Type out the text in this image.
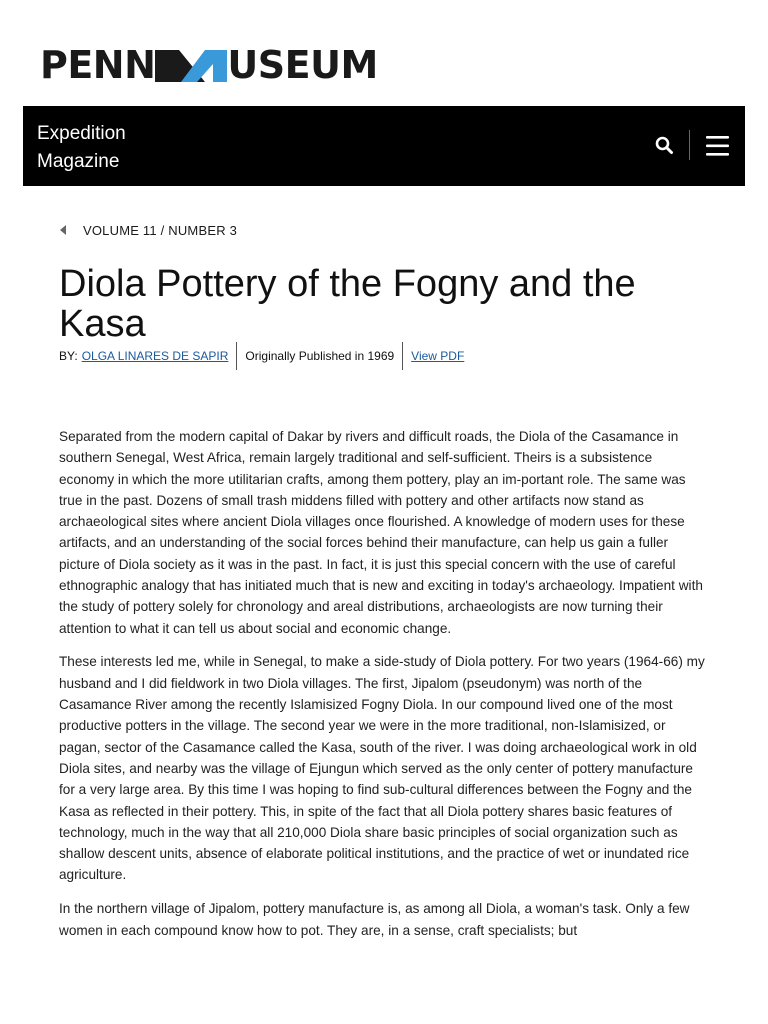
PENN USEUM
Expedition
Magazine
VOLUME 11 / NUMBER 3
Diola Pottery of the Fogny and the Kasa
BY: OLGA LINARES DE SAPIR Originally Published in 1969 View PDF

Separated from the modern capital of Dakar by rivers and difficult roads, the Diola of the Casamance in southern Senegal, West Africa, remain largely traditional and self-sufficient. Theirs is a subsistence economy in which the more utilitarian crafts, among them pottery, play an im-portant role. The same was true in the past. Dozens of small trash middens filled with pottery and other artifacts now stand as archaeological sites where ancient Diola villages once flourished. A knowledge of modern uses for these artifacts, and an understanding of the social forces behind their manufacture, can help us gain a fuller picture of Diola society as it was in the past. In fact, it is just this special concern with the use of careful ethnographic analogy that has initiated much that is new and exciting in today's archaeology. Impatient with the study of pottery solely for chronology and areal distributions, archaeologists are now turning their attention to what it can tell us about social and economic change.

These interests led me, while in Senegal, to make a side-study of Diola pottery. For two years (1964-66) my husband and I did fieldwork in two Diola villages. The first, Jipalom (pseudonym) was north of the Casamance River among the recently Islamisized Fogny Diola. In our compound lived one of the most productive potters in the village. The second year we were in the more traditional, non-Islamisized, or pagan, sector of the Casamance called the Kasa, south of the river. I was doing archaeological work in old Diola sites, and nearby was the village of Ejungun which served as the only center of pottery manufacture for a very large area. By this time I was hoping to find sub-cultural differences between the Fogny and the Kasa as reflected in their pottery. This, in spite of the fact that all Diola pottery shares basic features of technology, much in the way that all 210,000 Diola share basic principles of social organization such as shallow descent units, absence of elaborate political institutions, and the practice of wet or inundated rice agriculture.

In the northern village of Jipalom, pottery manufacture is, as among all Diola, a woman's task. Only a few women in each compound know how to pot. They are, in a sense, craft specialists; but
